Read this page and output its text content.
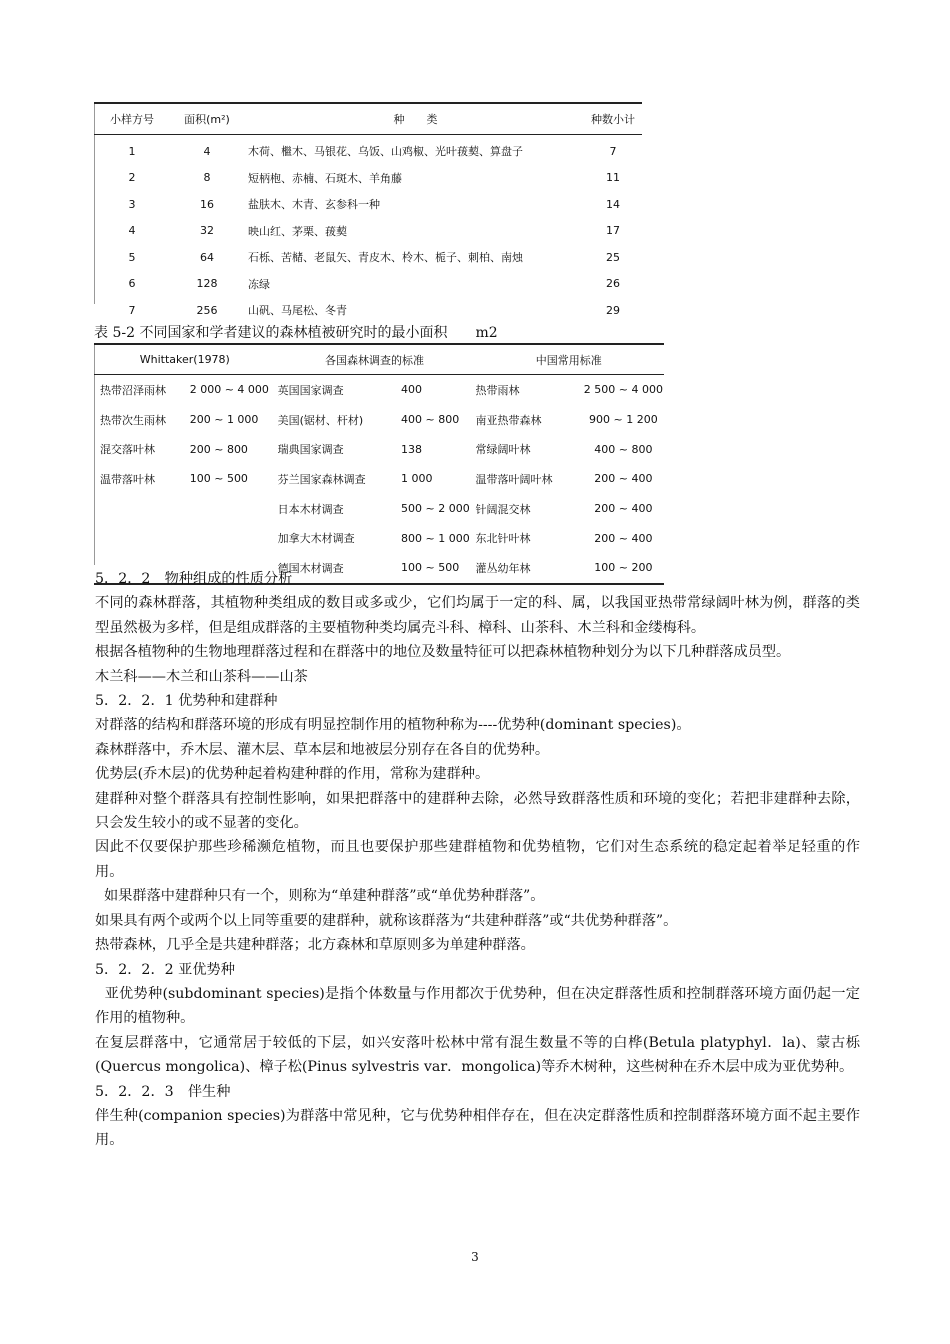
小样方号	面积(m²)	种　　类	种数小计
1	4	木荷、檵木、马银花、乌饭、山鸡椒、光叶菝葜、算盘子	7
2	8	短柄枹、赤楠、石斑木、羊角藤	11
3	16	盐肤木、木青、玄参科一种	14
4	32	映山红、茅栗、菝葜	17
5	64	石栎、苦槠、老鼠矢、青皮木、柃木、栀子、刺柏、南烛	25
6	128	冻绿	26
7	256	山矾、马尾松、冬青	29
表 5-2 不同国家和学者建议的森林植被研究时的最小面积 m2
Whittaker(1978)		各国森林调查的标准		中国常用标准	
热带沼泽雨林	2 000 ~ 4 000	英国国家调查	400	热带雨林	2 500 ~ 4 000
热带次生雨林	200 ~ 1 000	美国(锯材、杆材)	400 ~ 800	南亚热带森林	900 ~ 1 200
混交落叶林	200 ~ 800	瑞典国家调查	138	常绿阔叶林	400 ~ 800
温带落叶林	100 ~ 500	芬兰国家森林调查	1 000	温带落叶阔叶林	200 ~ 400
		日本木材调查	500 ~ 2 000	针阔混交林	200 ~ 400
		加拿大木材调查	800 ~ 1 000	东北针叶林	200 ~ 400
		德国木材调查	100 ~ 500	灌丛幼年林	100 ~ 200

5．2．2　物种组成的性质分析

不同的森林群落，其植物种类组成的数目或多或少，它们均属于一定的科、属，以我国亚热带常绿阔叶林为例，群落的类型虽然极为多样，但是组成群落的主要植物种类均属壳斗科、樟科、山茶科、木兰科和金缕梅科。

根据各植物种的生物地理群落过程和在群落中的地位及数量特征可以把森林植物种划分为以下几种群落成员型。

木兰科——木兰和山茶科——山茶

5．2．2．1 优势种和建群种

对群落的结构和群落环境的形成有明显控制作用的植物种称为----优势种(dominant species)。

森林群落中，乔木层、灌木层、草本层和地被层分别存在各自的优势种。

优势层(乔木层)的优势种起着构建种群的作用，常称为建群种。

建群种对整个群落具有控制性影响，如果把群落中的建群种去除，必然导致群落性质和环境的变化；若把非建群种去除，只会发生较小的或不显著的变化。

因此不仅要保护那些珍稀濒危植物，而且也要保护那些建群植物和优势植物，它们对生态系统的稳定起着举足轻重的作用。

如果群落中建群种只有一个，则称为“单建种群落”或“单优势种群落”。

如果具有两个或两个以上同等重要的建群种，就称该群落为“共建种群落”或“共优势种群落”。

热带森林，几乎全是共建种群落；北方森林和草原则多为单建种群落。

5．2．2．2 亚优势种

亚优势种(subdominant species)是指个体数量与作用都次于优势种，但在决定群落性质和控制群落环境方面仍起一定作用的植物种。

在复层群落中，它通常居于较低的下层，如兴安落叶松林中常有混生数量不等的白桦(Betula platyphyl．la)、蒙古栎(Quercus mongolica)、樟子松(Pinus sylvestris var．mongolica)等乔木树种，这些树种在乔木层中成为亚优势种。

5．2．2．3　伴生种

伴生种(companion species)为群落中常见种，它与优势种相伴存在，但在决定群落性质和控制群落环境方面不起主要作用。

3
